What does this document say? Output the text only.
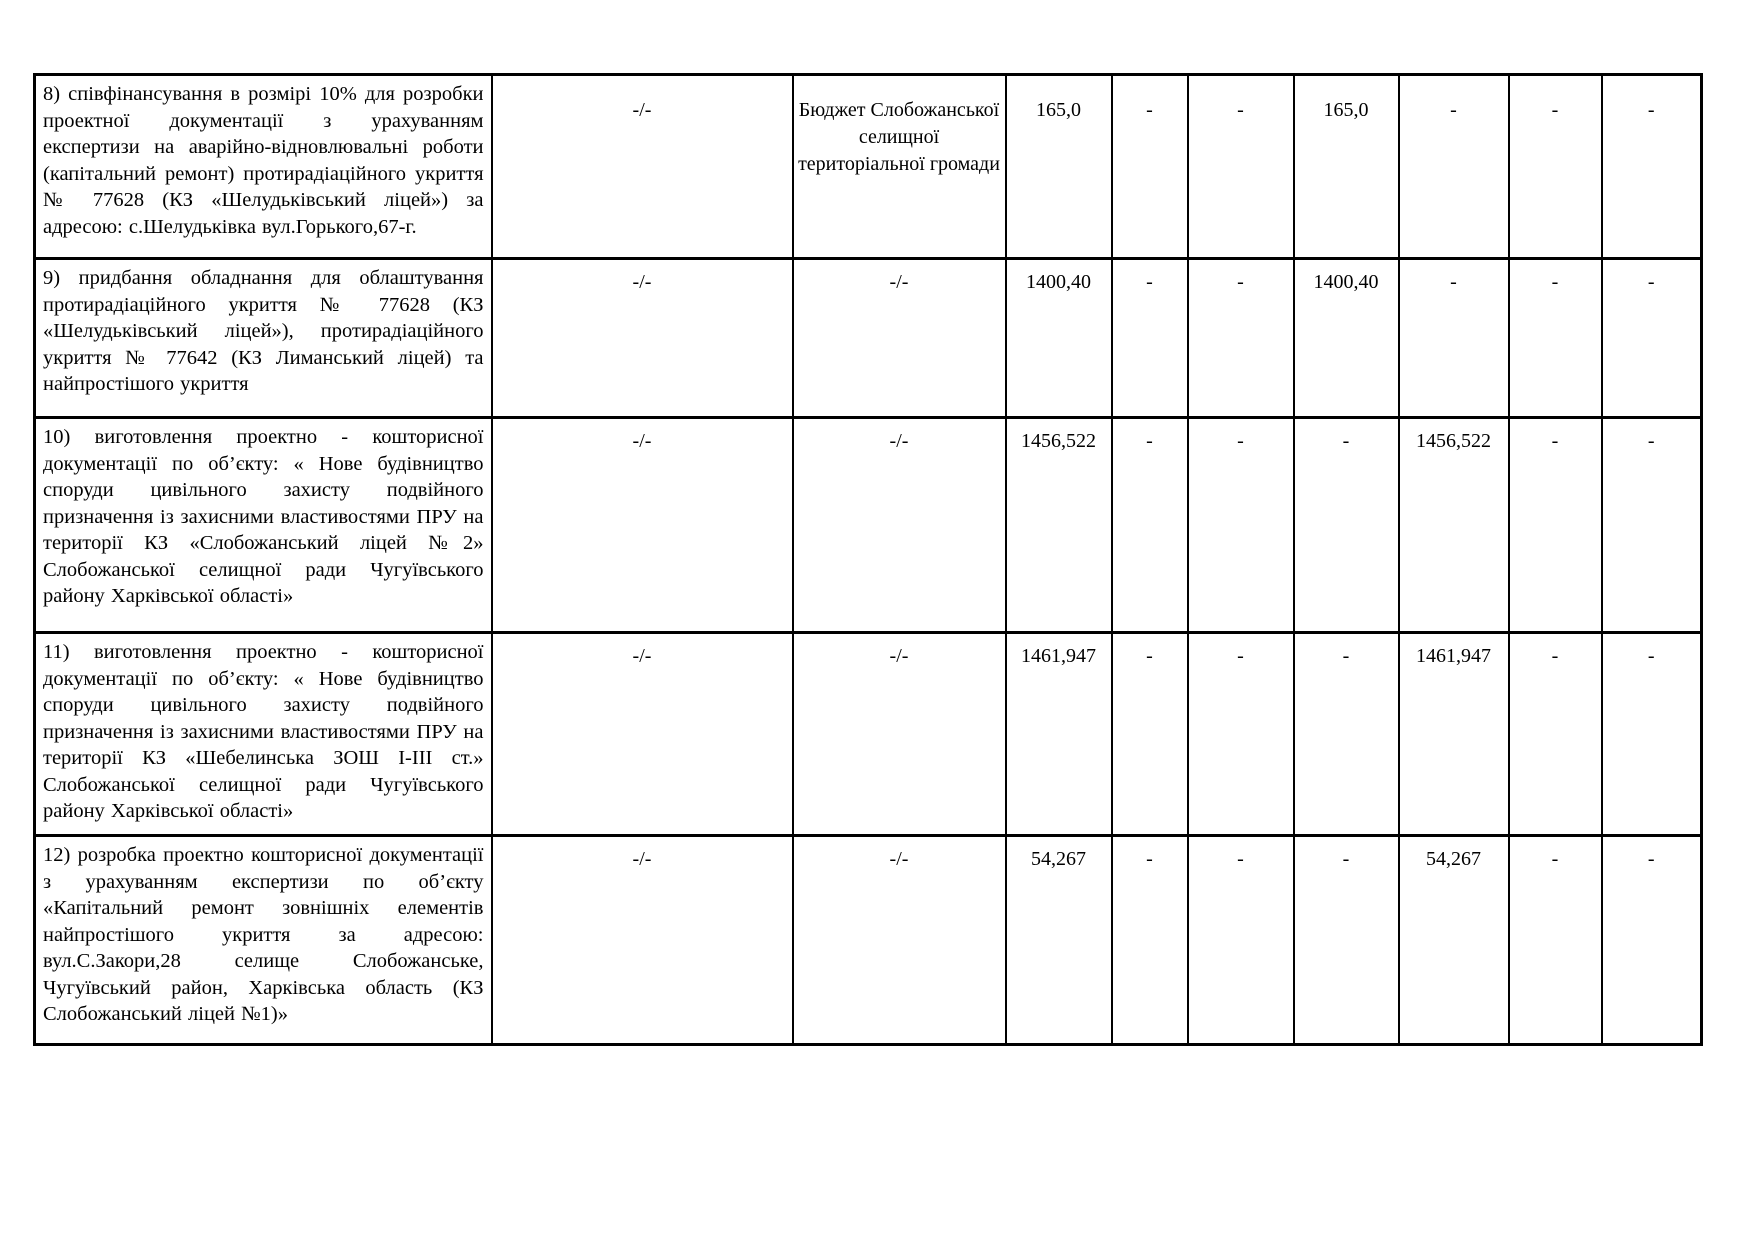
8) співфінансування в розмірі 10% для розробки проектної документації з урахуванням експертизи на аварійно-відновлювальні роботи (капітальний ремонт) протирадіаційного укриття № 77628 (КЗ «Шелудьківський ліцей») за адресою: с.Шелудьківка вул.Горького,67-г.	-/-	Бюджет Слобожанської селищної територіальної громади	165,0	-	-	165,0	-	-	-
9) придбання обладнання для облаштування протирадіаційного укриття № 77628 (КЗ «Шелудьківський ліцей»), протирадіаційного укриття № 77642 (КЗ Лиманський ліцей) та найпростішого укриття	-/-	-/-	1400,40	-	-	1400,40	-	-	-
10) виготовлення проектно - кошторисної документації по об’єкту: « Нове будівництво споруди цивільного захисту подвійного призначення із захисними властивостями ПРУ на території КЗ «Слобожанський ліцей №2» Слобожанської селищної ради Чугуївського району Харківської області»	-/-	-/-	1456,522	-	-	-	1456,522	-	-
11) виготовлення проектно - кошторисної документації по об’єкту: « Нове будівництво споруди цивільного захисту подвійного призначення із захисними властивостями ПРУ на території КЗ «Шебелинська ЗОШ І-ІІІ ст.» Слобожанської селищної ради Чугуївського району Харківської області»	-/-	-/-	1461,947	-	-	-	1461,947	-	-
12) розробка проектно кошторисної документації з урахуванням експертизи по об’єкту «Капітальний ремонт зовнішніх елементів найпростішого укриття за адресою: вул.С.Закори,28 селище Слобожанське, Чугуївський район, Харківська область (КЗ Слобожанський ліцей №1)»	-/-	-/-	54,267	-	-	-	54,267	-	-
